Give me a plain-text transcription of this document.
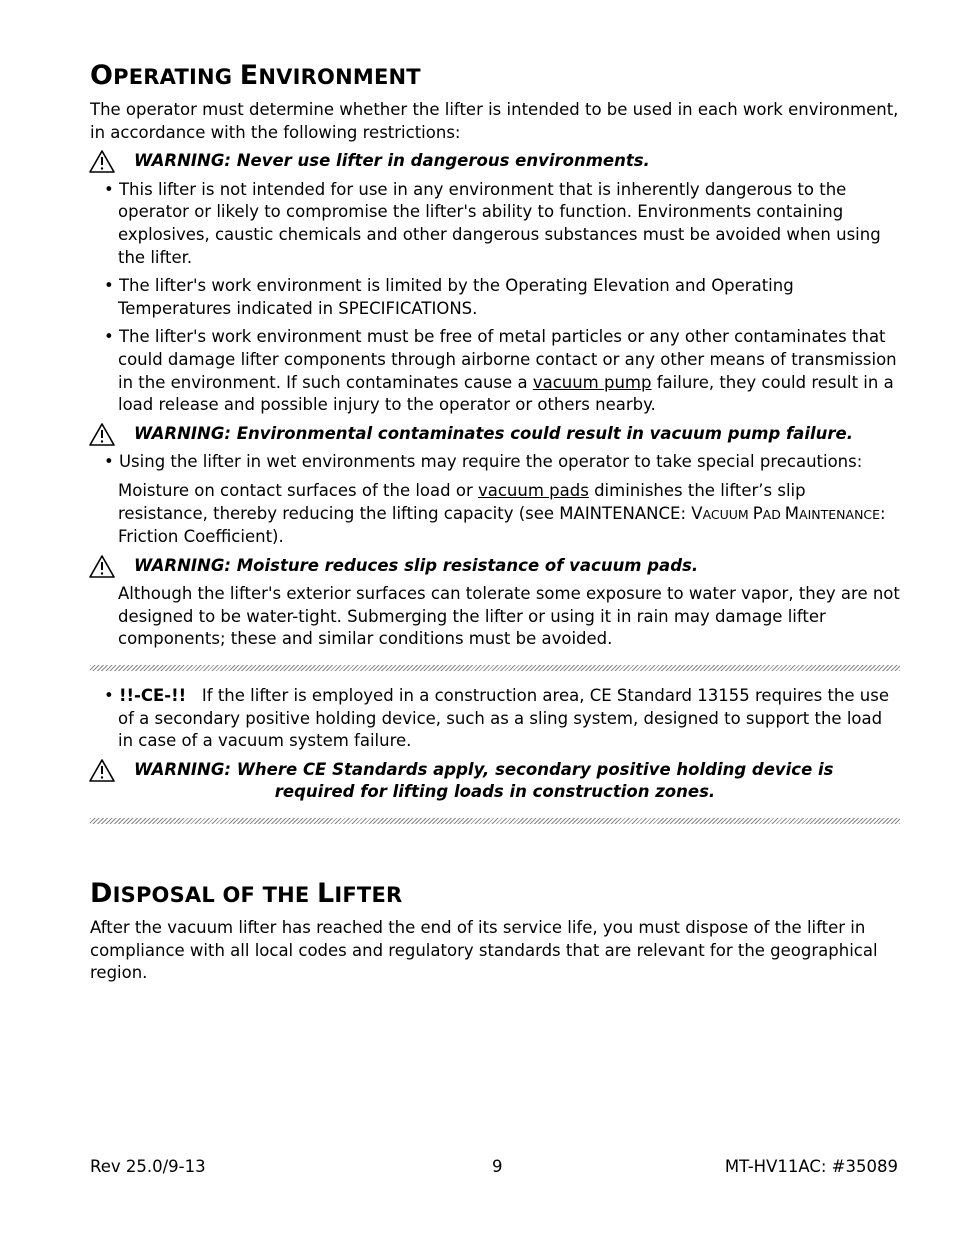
OPERATING ENVIRONMENT

The operator must determine whether the lifter is intended to be used in each work environment, in accordance with the following restrictions:

WARNING: Never use lifter in dangerous environments.

• This lifter is not intended for use in any environment that is inherently dangerous to the operator or likely to compromise the lifter's ability to function. Environments containing explosives, caustic chemicals and other dangerous substances must be avoided when using the lifter.

• The lifter's work environment is limited by the Operating Elevation and Operating Temperatures indicated in SPECIFICATIONS.

• The lifter's work environment must be free of metal particles or any other contaminates that could damage lifter components through airborne contact or any other means of transmission in the environment. If such contaminates cause a vacuum pump failure, they could result in a load release and possible injury to the operator or others nearby.

WARNING: Environmental contaminates could result in vacuum pump failure.

• Using the lifter in wet environments may require the operator to take special precautions:

Moisture on contact surfaces of the load or vacuum pads diminishes the lifter’s slip resistance, thereby reducing the lifting capacity (see MAINTENANCE: VACUUM PAD MAINTENANCE: Friction Coefficient).

WARNING: Moisture reduces slip resistance of vacuum pads.

Although the lifter's exterior surfaces can tolerate some exposure to water vapor, they are not designed to be water-tight. Submerging the lifter or using it in rain may damage lifter components; these and similar conditions must be avoided.

• !!-CE-!!   If the lifter is employed in a construction area, CE Standard 13155 requires the use of a secondary positive holding device, such as a sling system, designed to support the load in case of a vacuum system failure.

WARNING: Where CE Standards apply, secondary positive holding device is
required for lifting loads in construction zones.
DISPOSAL OF THE LIFTER

After the vacuum lifter has reached the end of its service life, you must dispose of the lifter in compliance with all local codes and regulatory standards that are relevant for the geographical region.

Rev 25.0/9-13	9	MT-HV11AC: #35089
